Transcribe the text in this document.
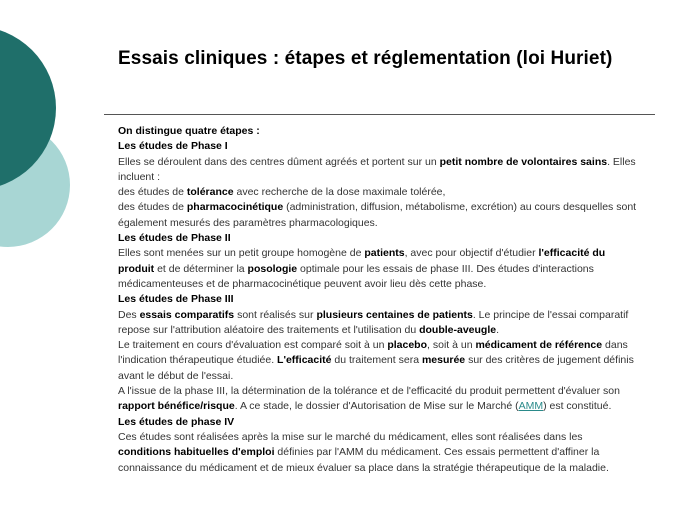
Essais cliniques : étapes et réglementation (loi Huriet)

On distingue quatre étapes :

Les études de Phase I

Elles se déroulent dans des centres dûment agréés et portent sur un petit nombre de volontaires sains. Elles incluent :

des études de tolérance avec recherche de la dose maximale tolérée,

des études de pharmacocinétique (administration, diffusion, métabolisme, excrétion) au cours desquelles sont également mesurés des paramètres pharmacologiques.

Les études de Phase II

Elles sont menées sur un petit groupe homogène de patients, avec pour objectif d'étudier l'efficacité du produit et de déterminer la posologie optimale pour les essais de phase III. Des études d'interactions médicamenteuses et de pharmacocinétique peuvent avoir lieu dès cette phase.

Les études de Phase III

Des essais comparatifs sont réalisés sur plusieurs centaines de patients. Le principe de l'essai comparatif repose sur l'attribution aléatoire des traitements et l'utilisation du double-aveugle.

Le traitement en cours d'évaluation est comparé soit à un placebo, soit à un médicament de référence dans l'indication thérapeutique étudiée. L'efficacité du traitement sera mesurée sur des critères de jugement définis avant le début de l'essai.

A l'issue de la phase III, la détermination de la tolérance et de l'efficacité du produit permettent d'évaluer son rapport bénéfice/risque. A ce stade, le dossier d'Autorisation de Mise sur le Marché (AMM) est constitué.

Les études de phase IV

Ces études sont réalisées après la mise sur le marché du médicament, elles sont réalisées dans les conditions habituelles d'emploi définies par l'AMM du médicament. Ces essais permettent d'affiner la connaissance du médicament et de mieux évaluer sa place dans la stratégie thérapeutique de la maladie.
